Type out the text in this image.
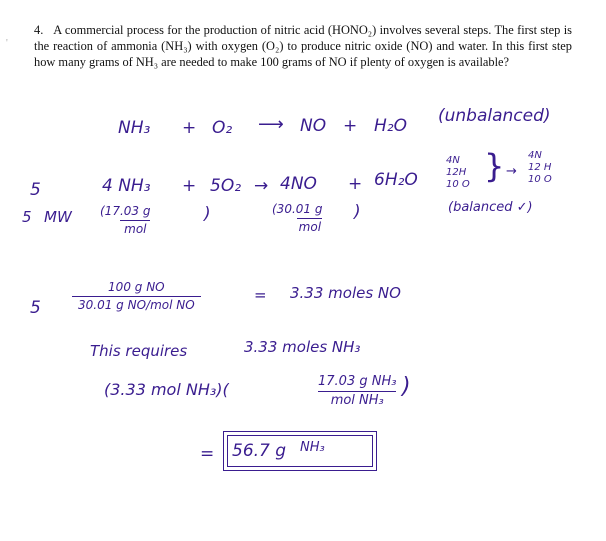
4. A commercial process for the production of nitric acid (HONO₂) involves several steps. The first step is the reaction of ammonia (NH₃) with oxygen (O₂) to produce nitric oxide (NO) and water. In this first step how many grams of NH₃ are needed to make 100 grams of NO if plenty of oxygen is available?
'
NH₃ + O₂ ⟶ NO + H₂O (unbalanced)
5	4 NH₃ + 5O₂ → 4NO + 6H₂O
4N
12H
10 O } →
4N
12 H
10 O
(balanced ✓)
5 MW (17.03 g
mol
)	(30.01 g
mol
)
5
100 g NO
30.01 g NO/mol NO
= 3.33 moles NO
This requires	3.33 moles NH₃
(3.33 mol NH₃)(	17.03 g NH₃
mol NH₃
)
= 56.7 g NH₃
